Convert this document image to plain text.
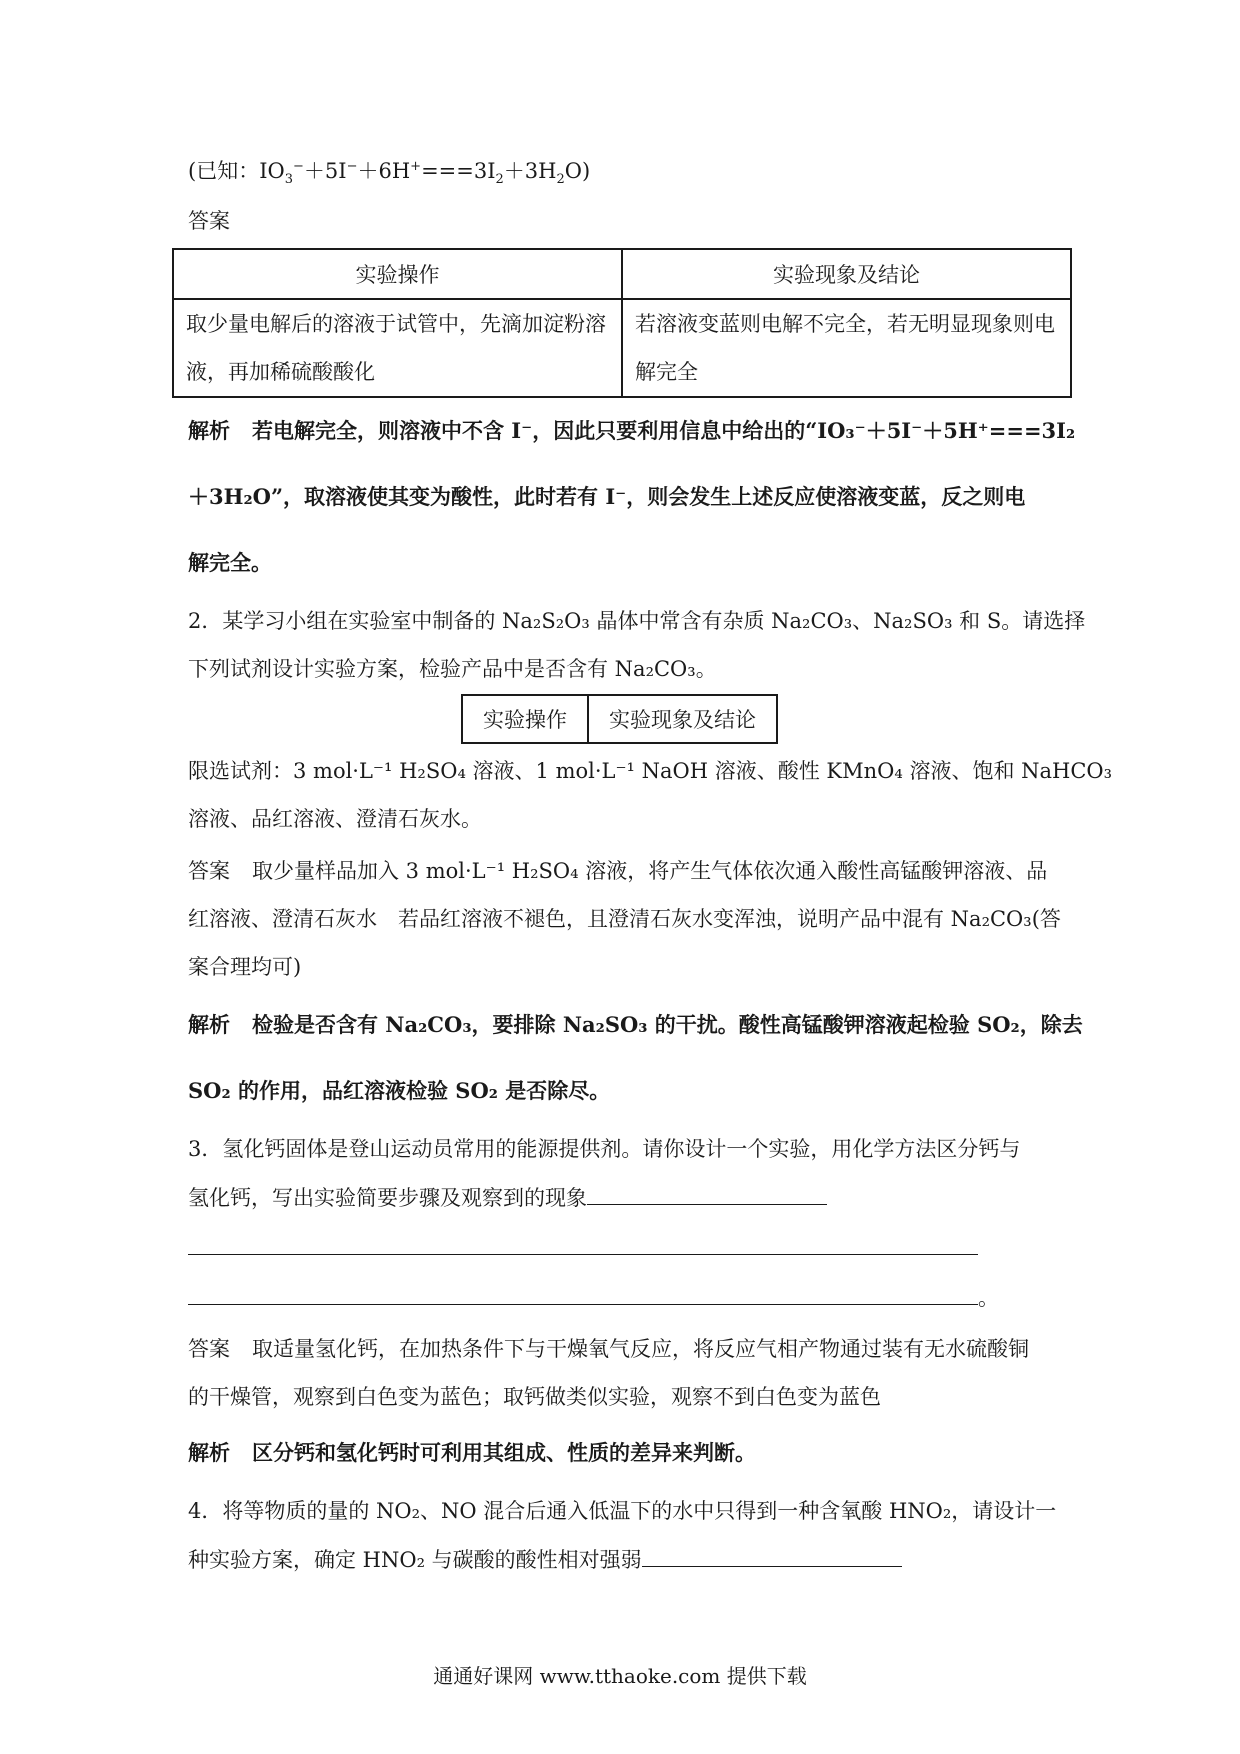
(已知：$IO_3^-+5I^-+6H^+===3I_2+3H_2O$)
答案
实验操作	实验现象及结论
取少量电解后的溶液于试管中，先滴加淀粉溶液，再加稀硫酸酸化	若溶液变蓝则电解不完全，若无明显现象则电解完全
解析 若电解完全，则溶液中不含 I⁻，因此只要利用信息中给出的“IO₃⁻＋5I⁻＋5H⁺===3I₂
＋3H₂O”，取溶液使其变为酸性，此时若有 I⁻，则会发生上述反应使溶液变蓝，反之则电
解完全。
2．某学习小组在实验室中制备的 Na₂S₂O₃ 晶体中常含有杂质 Na₂CO₃、Na₂SO₃ 和 S。请选择
下列试剂设计实验方案，检验产品中是否含有 Na₂CO₃。
实验操作	实验现象及结论
限选试剂：3 mol·L⁻¹ H₂SO₄ 溶液、1 mol·L⁻¹ NaOH 溶液、酸性 KMnO₄ 溶液、饱和 NaHCO₃
溶液、品红溶液、澄清石灰水。
答案 取少量样品加入 3 mol·L⁻¹ H₂SO₄ 溶液，将产生气体依次通入酸性高锰酸钾溶液、品
红溶液、澄清石灰水　若品红溶液不褪色，且澄清石灰水变浑浊，说明产品中混有 Na₂CO₃(答
案合理均可)
解析 检验是否含有 Na₂CO₃，要排除 Na₂SO₃ 的干扰。酸性高锰酸钾溶液起检验 SO₂，除去
SO₂ 的作用，品红溶液检验 SO₂ 是否除尽。
3．氢化钙固体是登山运动员常用的能源提供剂。请你设计一个实验，用化学方法区分钙与
氢化钙，写出实验简要步骤及观察到的现象
。
答案 取适量氢化钙，在加热条件下与干燥氧气反应，将反应气相产物通过装有无水硫酸铜
的干燥管，观察到白色变为蓝色；取钙做类似实验，观察不到白色变为蓝色
解析 区分钙和氢化钙时可利用其组成、性质的差异来判断。
4．将等物质的量的 NO₂、NO 混合后通入低温下的水中只得到一种含氧酸 HNO₂，请设计一
种实验方案，确定 HNO₂ 与碳酸的酸性相对强弱
通通好课网 www.tthaoke.com 提供下载
